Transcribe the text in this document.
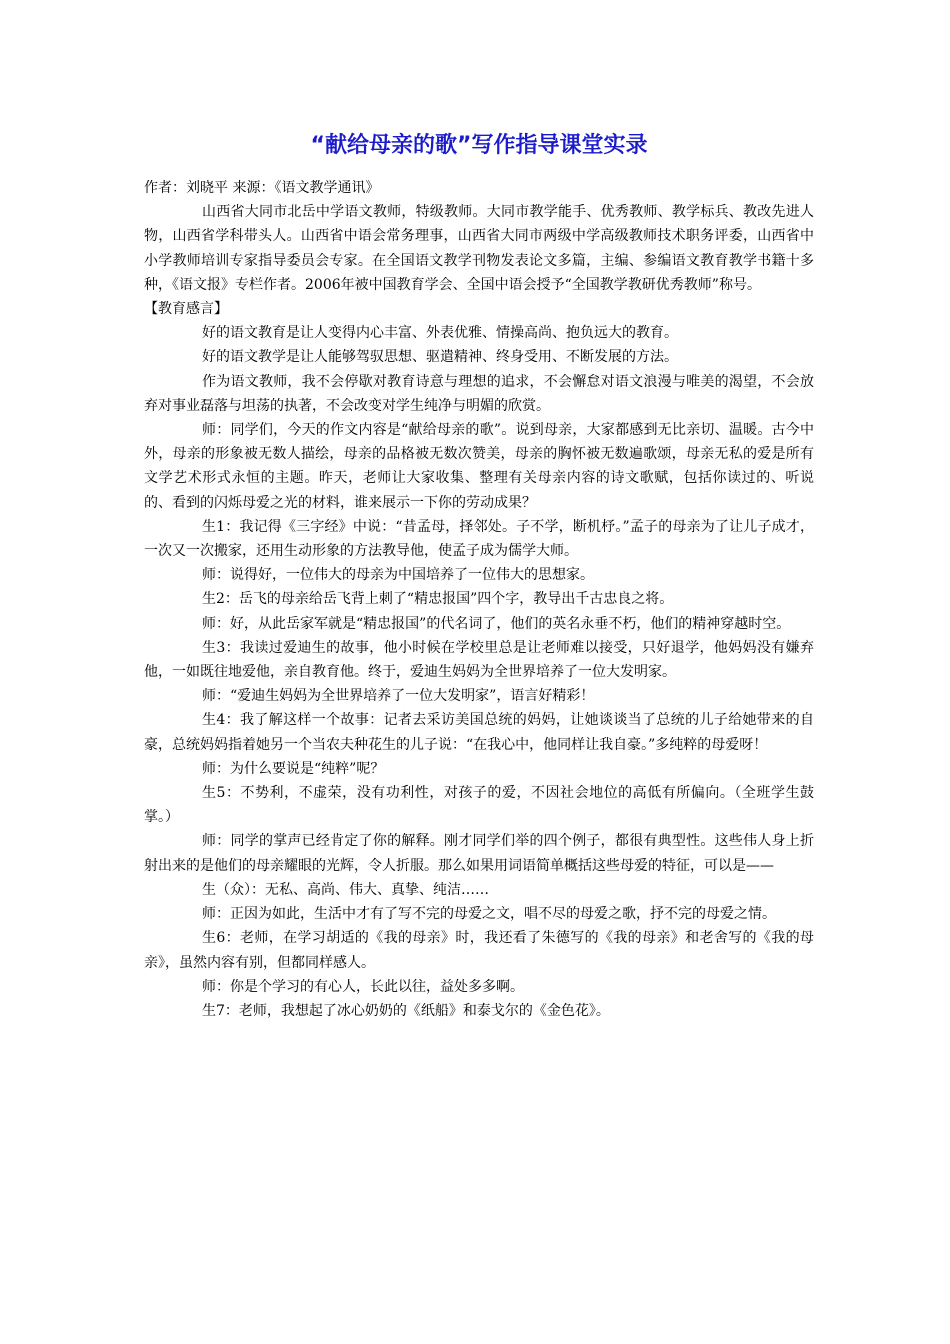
“献给母亲的歌”写作指导课堂实录

作者：刘晓平 来源：《语文教学通讯》

山西省大同市北岳中学语文教师，特级教师。大同市教学能手、优秀教师、教学标兵、教改先进人物，山西省学科带头人。山西省中语会常务理事，山西省大同市两级中学高级教师技术职务评委，山西省中小学教师培训专家指导委员会专家。在全国语文教学刊物发表论文多篇，主编、参编语文教育教学书籍十多种，《语文报》专栏作者。2006年被中国教育学会、全国中语会授予“全国教学教研优秀教师”称号。

【教育感言】

好的语文教育是让人变得内心丰富、外表优雅、情操高尚、抱负远大的教育。

好的语文教学是让人能够驾驭思想、驱遣精神、终身受用、不断发展的方法。

作为语文教师，我不会停歇对教育诗意与理想的追求，不会懈怠对语文浪漫与唯美的渴望，不会放弃对事业磊落与坦荡的执著，不会改变对学生纯净与明媚的欣赏。

师：同学们，今天的作文内容是“献给母亲的歌”。说到母亲，大家都感到无比亲切、温暖。古今中外，母亲的形象被无数人描绘，母亲的品格被无数次赞美，母亲的胸怀被无数遍歌颂，母亲无私的爱是所有文学艺术形式永恒的主题。昨天，老师让大家收集、整理有关母亲内容的诗文歌赋，包括你读过的、听说的、看到的闪烁母爱之光的材料，谁来展示一下你的劳动成果？

生1：我记得《三字经》中说：“昔孟母，择邻处。子不学，断机杼。”孟子的母亲为了让儿子成才，一次又一次搬家，还用生动形象的方法教导他，使孟子成为儒学大师。

师：说得好，一位伟大的母亲为中国培养了一位伟大的思想家。

生2：岳飞的母亲给岳飞背上刺了“精忠报国”四个字，教导出千古忠良之将。

师：好，从此岳家军就是“精忠报国”的代名词了，他们的英名永垂不朽，他们的精神穿越时空。

生3：我读过爱迪生的故事，他小时候在学校里总是让老师难以接受，只好退学，他妈妈没有嫌弃他，一如既往地爱他，亲自教育他。终于，爱迪生妈妈为全世界培养了一位大发明家。

师：“爱迪生妈妈为全世界培养了一位大发明家”，语言好精彩！

生4：我了解这样一个故事：记者去采访美国总统的妈妈，让她谈谈当了总统的儿子给她带来的自豪，总统妈妈指着她另一个当农夫种花生的儿子说：“在我心中，他同样让我自豪。”多纯粹的母爱呀！

师：为什么要说是“纯粹”呢？

生5：不势利，不虚荣，没有功利性，对孩子的爱，不因社会地位的高低有所偏向。（全班学生鼓掌。）

师：同学的掌声已经肯定了你的解释。刚才同学们举的四个例子，都很有典型性。这些伟人身上折射出来的是他们的母亲耀眼的光辉，令人折服。那么如果用词语简单概括这些母爱的特征，可以是——

生（众）：无私、高尚、伟大、真挚、纯洁……

师：正因为如此，生活中才有了写不完的母爱之文，唱不尽的母爱之歌，抒不完的母爱之情。

生6：老师，在学习胡适的《我的母亲》时，我还看了朱德写的《我的母亲》和老舍写的《我的母亲》，虽然内容有别，但都同样感人。

师：你是个学习的有心人，长此以往，益处多多啊。

生7：老师，我想起了冰心奶奶的《纸船》和泰戈尔的《金色花》。
